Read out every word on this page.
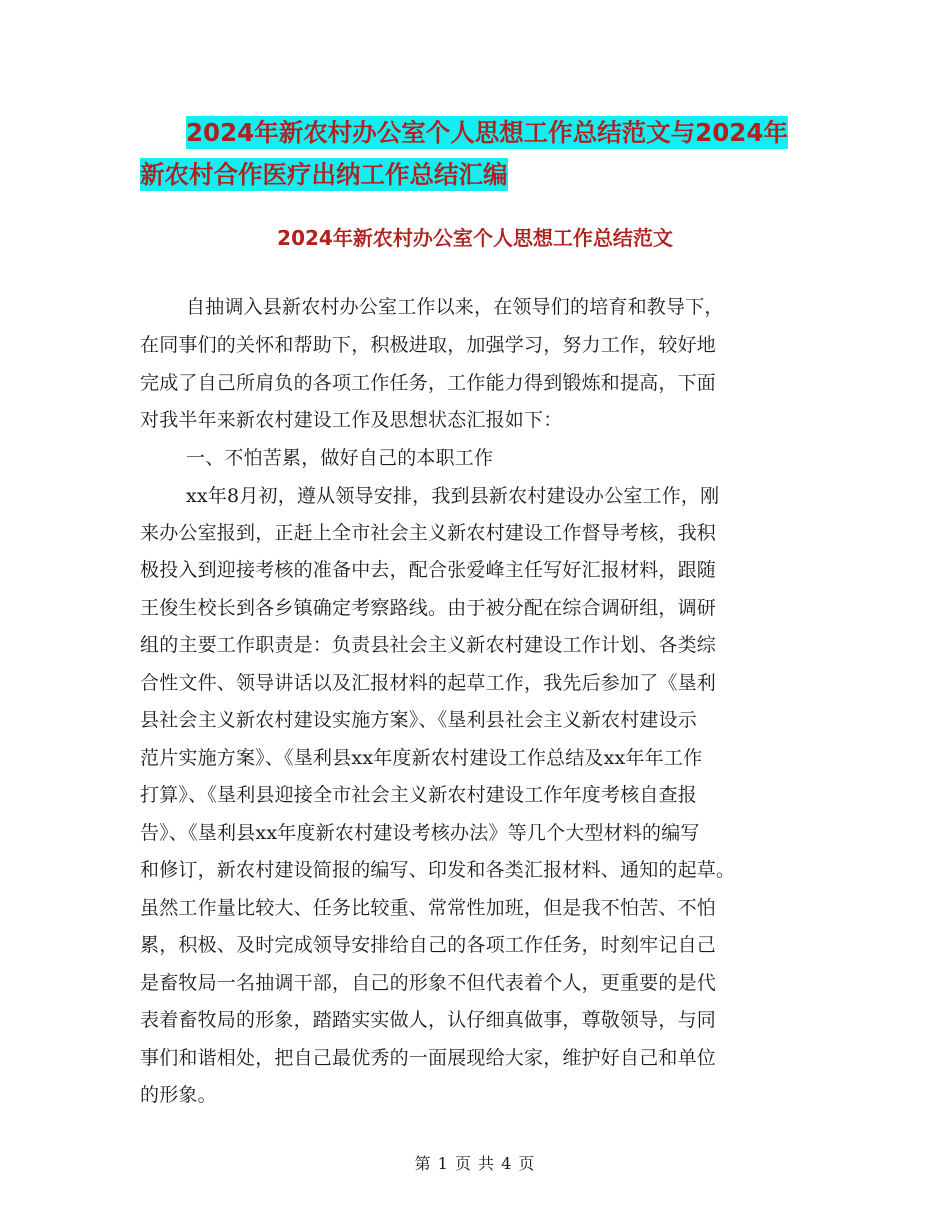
2024年新农村办公室个人思想工作总结范文与2024年
新农村合作医疗出纳工作总结汇编
2024年新农村办公室个人思想工作总结范文
自抽调入县新农村办公室工作以来，在领导们的培育和教导下，
在同事们的关怀和帮助下，积极进取，加强学习，努力工作，较好地
完成了自己所肩负的各项工作任务，工作能力得到锻炼和提高，下面
对我半年来新农村建设工作及思想状态汇报如下：
一、不怕苦累，做好自己的本职工作
xx年8月初，遵从领导安排，我到县新农村建设办公室工作，刚
来办公室报到，正赶上全市社会主义新农村建设工作督导考核，我积
极投入到迎接考核的准备中去，配合张爱峰主任写好汇报材料，跟随
王俊生校长到各乡镇确定考察路线。由于被分配在综合调研组，调研
组的主要工作职责是：负责县社会主义新农村建设工作计划、各类综
合性文件、领导讲话以及汇报材料的起草工作，我先后参加了《垦利
县社会主义新农村建设实施方案》、《垦利县社会主义新农村建设示
范片实施方案》、《垦利县xx年度新农村建设工作总结及xx年年工作
打算》、《垦利县迎接全市社会主义新农村建设工作年度考核自查报
告》、《垦利县xx年度新农村建设考核办法》等几个大型材料的编写
和修订，新农村建设简报的编写、印发和各类汇报材料、通知的起草。
虽然工作量比较大、任务比较重、常常性加班，但是我不怕苦、不怕
累，积极、及时完成领导安排给自己的各项工作任务，时刻牢记自己
是畜牧局一名抽调干部，自己的形象不但代表着个人，更重要的是代
表着畜牧局的形象，踏踏实实做人，认仔细真做事，尊敬领导，与同
事们和谐相处，把自己最优秀的一面展现给大家，维护好自己和单位
的形象。
第 1 页 共 4 页
